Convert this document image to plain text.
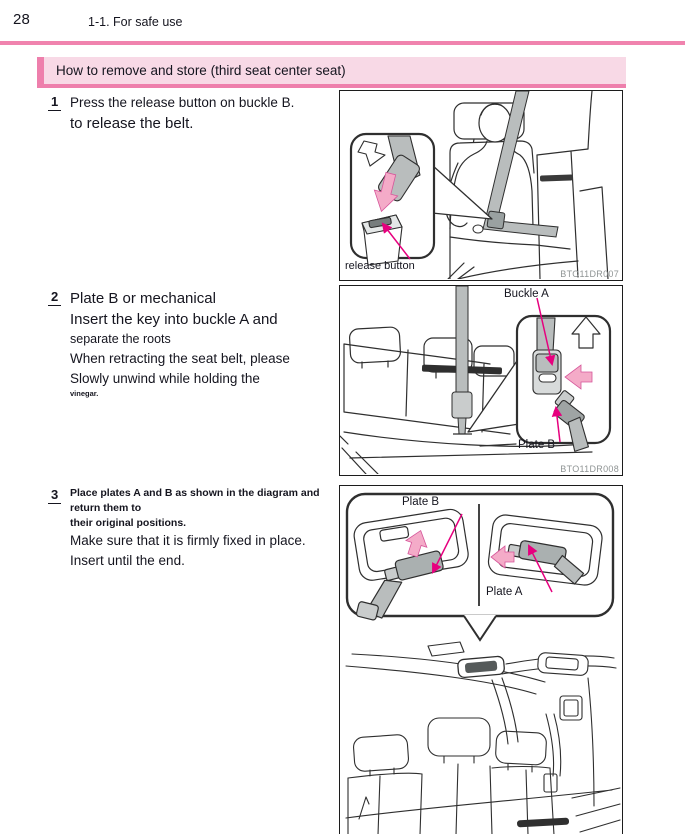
28	1-1. For safe use
How to remove and store (third seat center seat)
1 Press the release button on buckle B.

to release the belt.

2 Plate B or mechanical

Insert the key into buckle A and

separate the roots

When retracting the seat belt, please

Slowly unwind while holding the

vinegar.

3 Place plates A and B as shown in the diagram and return them to

their original positions.

Make sure that it is firmly fixed in place.

Insert until the end.

release button
BTO11DR007
Buckle A
Plate B
BTO11DR008
Plate B
Plate A
